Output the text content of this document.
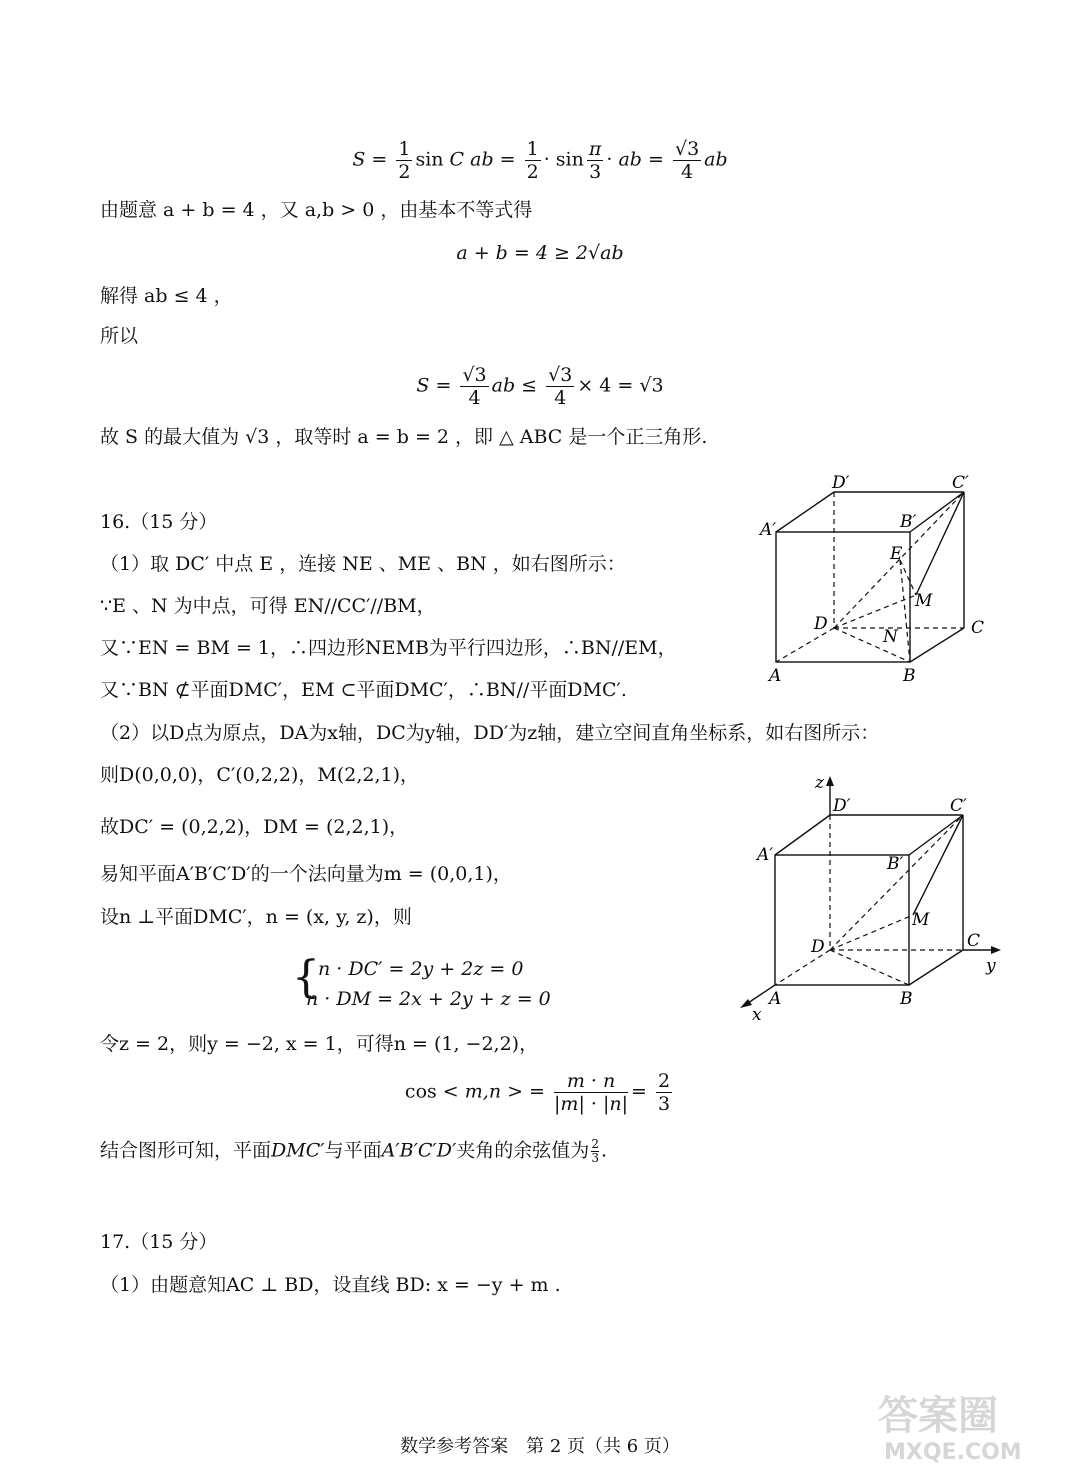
$S = \frac{1}{2}$ sin C ab = $\frac{1}{2} \cdot \sin \frac{\pi}{3}$ · ab = $\frac{√3}{4}$ ab
由题意 a + b = 4 ，又 a,b > 0 ，由基本不等式得
a + b = 4 ≥ 2√ab
解得 ab ≤ 4 ，
所以
$S = \frac{√3}{4}$ ab ≤ $\frac{√3}{4} \times 4 = √3$
故 S 的最大值为 √3 ，取等时 a = b = 2 ，即 △ ABC 是一个正三角形.
16.（15 分）
（1）取 DC′ 中点 E ，连接 NE 、ME 、BN ，如右图所示：
∵E 、N 为中点，可得 EN//CC′//BM，
又∵EN = BM = 1，∴四边形NEMB为平行四边形，∴BN//EM，
又∵BN ⊄平面DMC′，EM ⊂平面DMC′，∴BN//平面DMC′.
（2）以D点为原点，DA为x轴，DC为y轴，DD′为z轴，建立空间直角坐标系，如右图所示：
则D(0,0,0)，C′(0,2,2)，M(2,2,1)，
故DC′ = (0,2,2)，DM = (2,2,1)，
易知平面A′B′C′D′的一个法向量为m = (0,0,1)，
设n ⊥平面DMC′，n = (x, y, z)，则
{
n · DC′ = 2y + 2z = 0
n · DM = 2x + 2y + z = 0
令z = 2，则y = −2, x = 1，可得n = (1, −2,2)，
cos < m,n > = $\frac{m \cdot n}{|m| \cdot |n|} = \frac{2}{3}$
结合图形可知，平面DMC′与平面A′B′C′D′夹角的余弦值为 $\frac{2}{3}$ .
17.（15 分）
（1）由题意知AC ⊥ BD，设直线 BD: x = −y + m .
D′	C′
A′	B′
E
M
D
N	C
A	B
z
D′	C′
A′	B′
M
D	C
y
A	B
x
数学参考答案　第 2 页（共 6 页）
答案圈
MXQE.COM
